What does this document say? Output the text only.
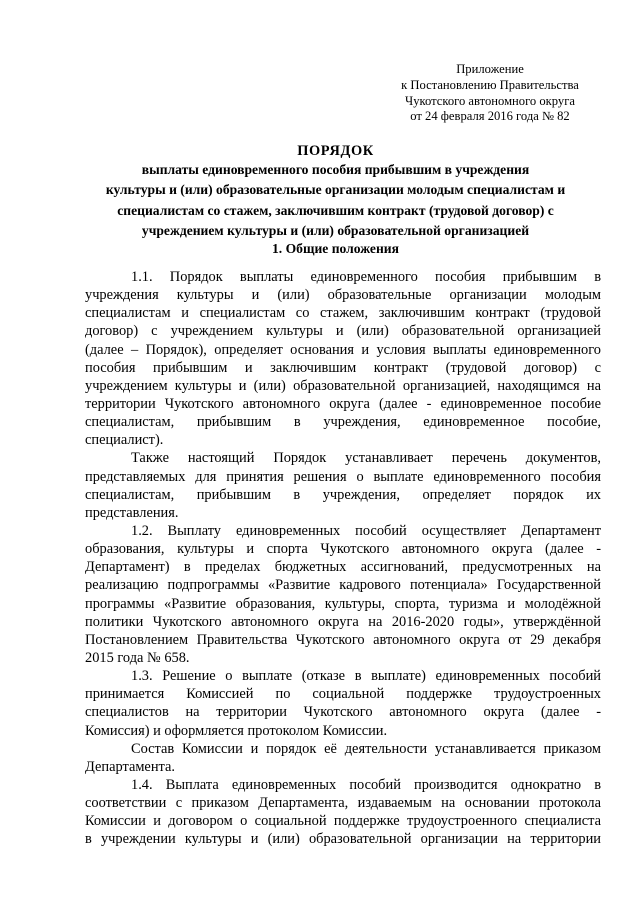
Приложение
к Постановлению Правительства
Чукотского автономного округа
от 24 февраля 2016 года № 82
ПОРЯДОК
выплаты единовременного пособия прибывшим в учреждения
культуры и (или) образовательные организации молодым специалистам и
специалистам со стажем, заключившим контракт (трудовой договор) с
учреждением культуры и (или) образовательной организацией
1. Общие положения
1.1. Порядок выплаты единовременного пособия прибывшим в
учреждения культуры и (или) образовательные организации молодым
специалистам и специалистам со стажем, заключившим контракт (трудовой
договор) с учреждением культуры и (или) образовательной организацией
(далее – Порядок), определяет основания и условия выплаты единовременного
пособия прибывшим и заключившим контракт (трудовой договор) с
учреждением культуры и (или) образовательной организацией, находящимся на
территории Чукотского автономного округа (далее - единовременное пособие
специалистам, прибывшим в учреждения, единовременное пособие,
специалист).
Также настоящий Порядок устанавливает перечень документов,
представляемых для принятия решения о выплате единовременного пособия
специалистам, прибывшим в учреждения, определяет порядок их
представления.
1.2. Выплату единовременных пособий осуществляет Департамент
образования, культуры и спорта Чукотского автономного округа (далее -
Департамент) в пределах бюджетных ассигнований, предусмотренных на
реализацию подпрограммы «Развитие кадрового потенциала» Государственной
программы «Развитие образования, культуры, спорта, туризма и молодёжной
политики Чукотского автономного округа на 2016-2020 годы», утверждённой
Постановлением Правительства Чукотского автономного округа от 29 декабря
2015 года № 658.
1.3. Решение о выплате (отказе в выплате) единовременных пособий
принимается Комиссией по социальной поддержке трудоустроенных
специалистов на территории Чукотского автономного округа (далее -
Комиссия) и оформляется протоколом Комиссии.
Состав Комиссии и порядок её деятельности устанавливается приказом
Департамента.
1.4. Выплата единовременных пособий производится однократно в
соответствии с приказом Департамента, издаваемым на основании протокола
Комиссии и договором о социальной поддержке трудоустроенного специалиста
в учреждении культуры и (или) образовательной организации на территории
